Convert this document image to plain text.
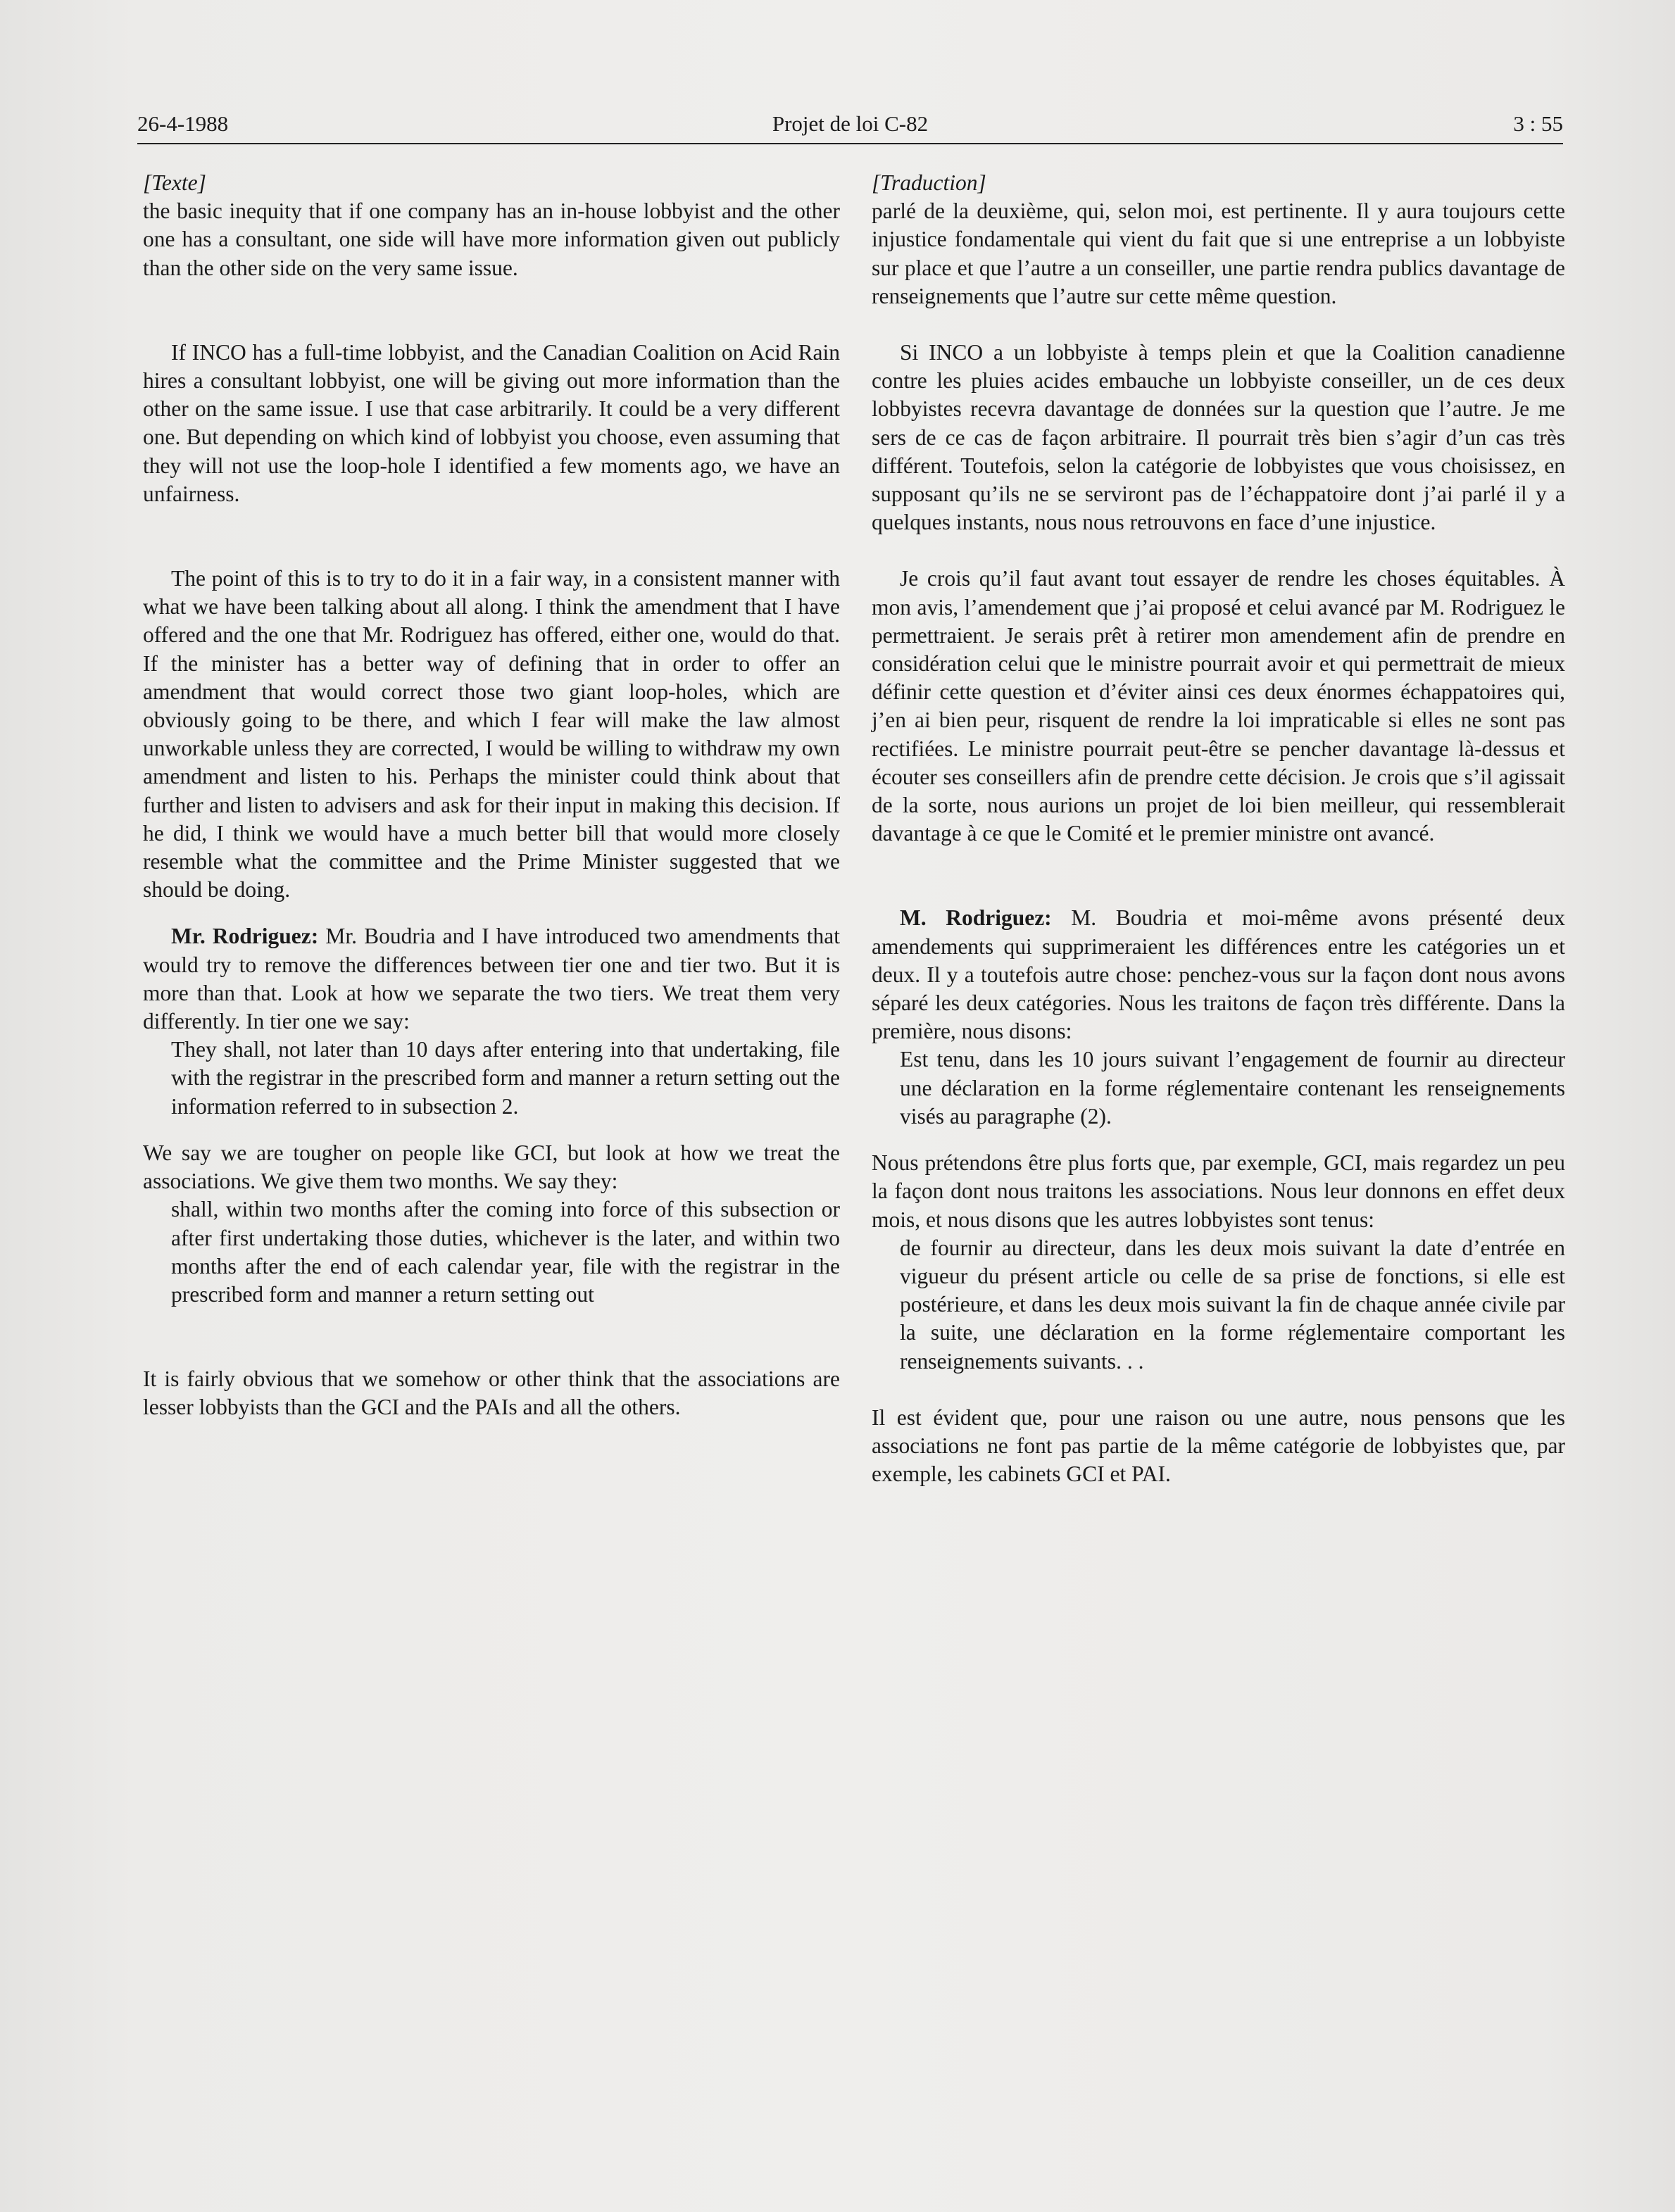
26-4-1988	Projet de loi C-82	3 : 55

[Texte]

the basic inequity that if one company has an in-house lobbyist and the other one has a consultant, one side will have more information given out publicly than the other side on the very same issue.

If INCO has a full-time lobbyist, and the Canadian Coalition on Acid Rain hires a consultant lobbyist, one will be giving out more information than the other on the same issue. I use that case arbitrarily. It could be a very different one. But depending on which kind of lobbyist you choose, even assuming that they will not use the loop-hole I identified a few moments ago, we have an unfairness.

The point of this is to try to do it in a fair way, in a consistent manner with what we have been talking about all along. I think the amendment that I have offered and the one that Mr. Rodriguez has offered, either one, would do that. If the minister has a better way of defining that in order to offer an amendment that would correct those two giant loop-holes, which are obviously going to be there, and which I fear will make the law almost unworkable unless they are corrected, I would be willing to withdraw my own amendment and listen to his. Perhaps the minister could think about that further and listen to advisers and ask for their input in making this decision. If he did, I think we would have a much better bill that would more closely resemble what the committee and the Prime Minister suggested that we should be doing.

Mr. Rodriguez: Mr. Boudria and I have introduced two amendments that would try to remove the differences between tier one and tier two. But it is more than that. Look at how we separate the two tiers. We treat them very differently. In tier one we say:

They shall, not later than 10 days after entering into that undertaking, file with the registrar in the prescribed form and manner a return setting out the information referred to in subsection 2.

We say we are tougher on people like GCI, but look at how we treat the associations. We give them two months. We say they:

shall, within two months after the coming into force of this subsection or after first undertaking those duties, whichever is the later, and within two months after the end of each calendar year, file with the registrar in the prescribed form and manner a return setting out

It is fairly obvious that we somehow or other think that the associations are lesser lobbyists than the GCI and the PAIs and all the others.

[Traduction]

parlé de la deuxième, qui, selon moi, est pertinente. Il y aura toujours cette injustice fondamentale qui vient du fait que si une entreprise a un lobbyiste sur place et que l’autre a un conseiller, une partie rendra publics davantage de renseignements que l’autre sur cette même question.

Si INCO a un lobbyiste à temps plein et que la Coalition canadienne contre les pluies acides embauche un lobbyiste conseiller, un de ces deux lobbyistes recevra davantage de données sur la question que l’autre. Je me sers de ce cas de façon arbitraire. Il pourrait très bien s’agir d’un cas très différent. Toutefois, selon la catégorie de lobbyistes que vous choisissez, en supposant qu’ils ne se serviront pas de l’échappatoire dont j’ai parlé il y a quelques instants, nous nous retrouvons en face d’une injustice.

Je crois qu’il faut avant tout essayer de rendre les choses équitables. À mon avis, l’amendement que j’ai proposé et celui avancé par M. Rodriguez le permettraient. Je serais prêt à retirer mon amendement afin de prendre en considération celui que le ministre pourrait avoir et qui permettrait de mieux définir cette question et d’éviter ainsi ces deux énormes échappatoires qui, j’en ai bien peur, risquent de rendre la loi impraticable si elles ne sont pas rectifiées. Le ministre pourrait peut-être se pencher davantage là-dessus et écouter ses conseillers afin de prendre cette décision. Je crois que s’il agissait de la sorte, nous aurions un projet de loi bien meilleur, qui ressemblerait davantage à ce que le Comité et le premier ministre ont avancé.

M. Rodriguez: M. Boudria et moi-même avons présenté deux amendements qui supprimeraient les différences entre les catégories un et deux. Il y a toutefois autre chose: penchez-vous sur la façon dont nous avons séparé les deux catégories. Nous les traitons de façon très différente. Dans la première, nous disons:

Est tenu, dans les 10 jours suivant l’engagement de fournir au directeur une déclaration en la forme réglementaire contenant les renseignements visés au paragraphe (2).

Nous prétendons être plus forts que, par exemple, GCI, mais regardez un peu la façon dont nous traitons les associations. Nous leur donnons en effet deux mois, et nous disons que les autres lobbyistes sont tenus:

de fournir au directeur, dans les deux mois suivant la date d’entrée en vigueur du présent article ou celle de sa prise de fonctions, si elle est postérieure, et dans les deux mois suivant la fin de chaque année civile par la suite, une déclaration en la forme réglementaire comportant les renseignements suivants. . .

Il est évident que, pour une raison ou une autre, nous pensons que les associations ne font pas partie de la même catégorie de lobbyistes que, par exemple, les cabinets GCI et PAI.
